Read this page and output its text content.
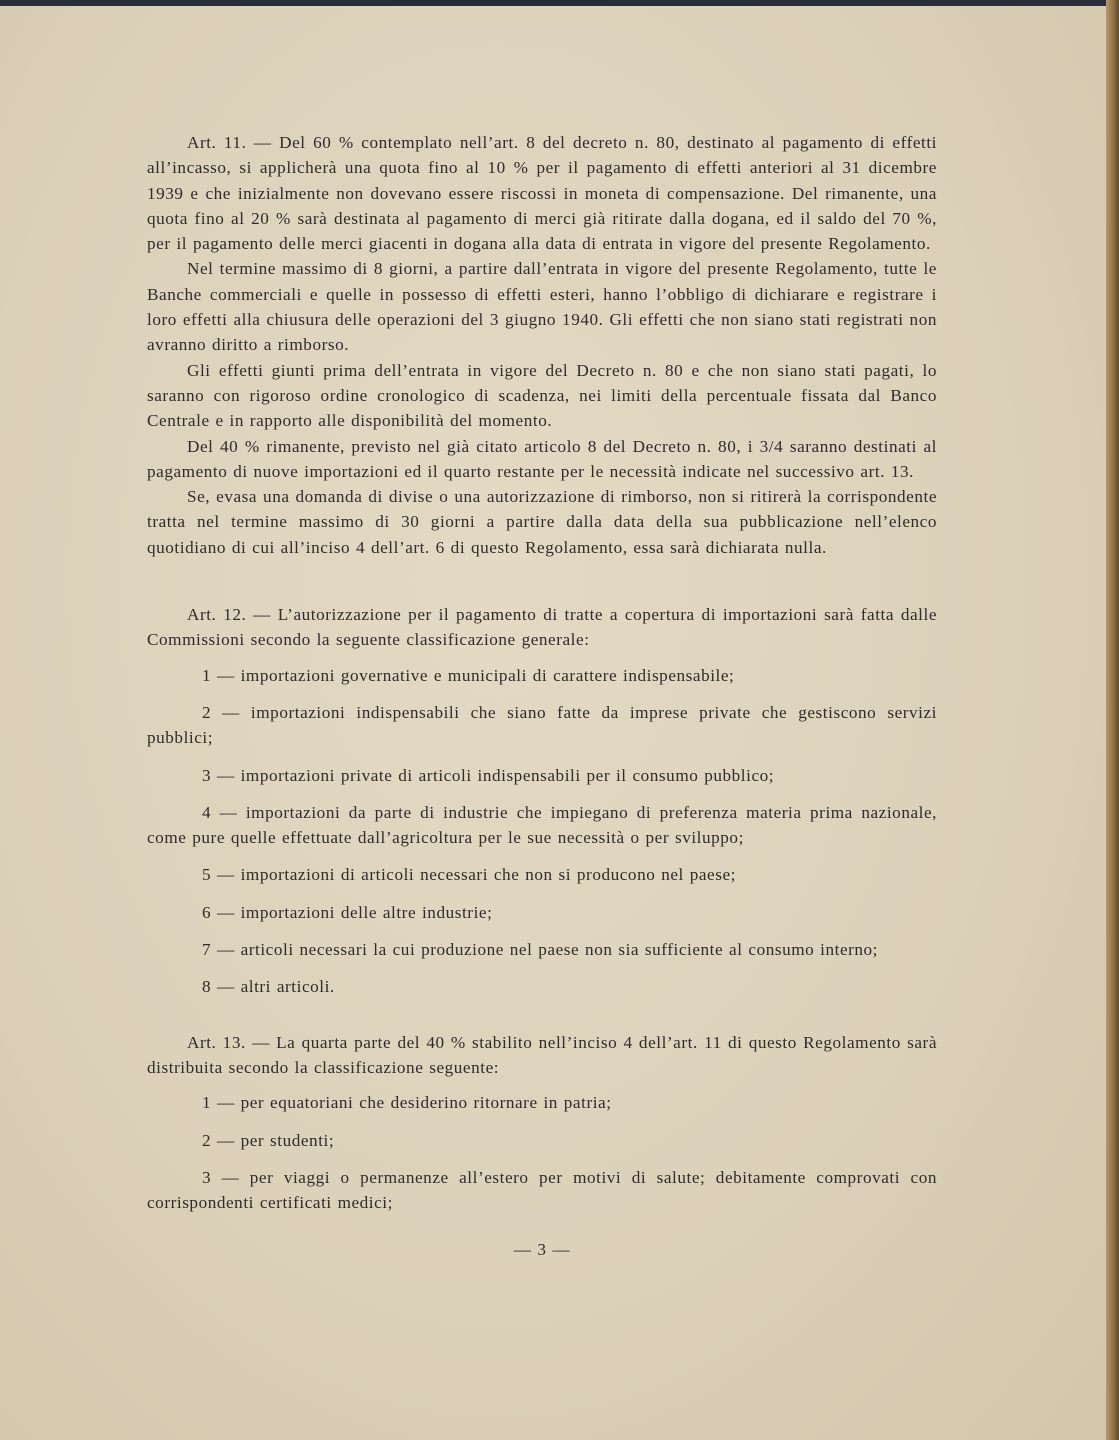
Art. 11. — Del 60 % contemplato nell’art. 8 del decreto n. 80, destinato al pagamento di effetti all’incasso, si applicherà una quota fino al 10 % per il pagamento di effetti anteriori al 31 dicembre 1939 e che inizialmente non dovevano essere riscossi in moneta di compensazione. Del rimanente, una quota fino al 20 % sarà destinata al pagamento di merci già ritirate dalla dogana, ed il saldo del 70 %, per il pagamento delle merci giacenti in dogana alla data di entrata in vigore del presente Regolamento.

Nel termine massimo di 8 giorni, a partire dall’entrata in vigore del presente Regolamento, tutte le Banche commerciali e quelle in possesso di effetti esteri, hanno l’obbligo di dichiarare e registrare i loro effetti alla chiusura delle operazioni del 3 giugno 1940. Gli effetti che non siano stati registrati non avranno diritto a rimborso.

Gli effetti giunti prima dell’entrata in vigore del Decreto n. 80 e che non siano stati pagati, lo saranno con rigoroso ordine cronologico di scadenza, nei limiti della percentuale fissata dal Banco Centrale e in rapporto alle disponibilità del momento.

Del 40 % rimanente, previsto nel già citato articolo 8 del Decreto n. 80, i 3/4 saranno destinati al pagamento di nuove importazioni ed il quarto restante per le necessità indicate nel successivo art. 13.

Se, evasa una domanda di divise o una autorizzazione di rimborso, non si ritirerà la corrispondente tratta nel termine massimo di 30 giorni a partire dalla data della sua pubblicazione nell’elenco quotidiano di cui all’inciso 4 dell’art. 6 di questo Regolamento, essa sarà dichiarata nulla.

Art. 12. — L’autorizzazione per il pagamento di tratte a copertura di importazioni sarà fatta dalle Commissioni secondo la seguente classificazione generale:

1 — importazioni governative e municipali di carattere indispensabile;
2 — importazioni indispensabili che siano fatte da imprese private che gestiscono servizi pubblici;
3 — importazioni private di articoli indispensabili per il consumo pubblico;
4 — importazioni da parte di industrie che impiegano di preferenza materia prima nazionale, come pure quelle effettuate dall’agricoltura per le sue necessità o per sviluppo;
5 — importazioni di articoli necessari che non si producono nel paese;
6 — importazioni delle altre industrie;
7 — articoli necessari la cui produzione nel paese non sia sufficiente al consumo interno;
8 — altri articoli.

Art. 13. — La quarta parte del 40 % stabilito nell’inciso 4 dell’art. 11 di questo Regolamento sarà distribuita secondo la classificazione seguente:

1 — per equatoriani che desiderino ritornare in patria;
2 — per studenti;
3 — per viaggi o permanenze all’estero per motivi di salute; debitamente comprovati con corrispondenti certificati medici;
— 3 —
